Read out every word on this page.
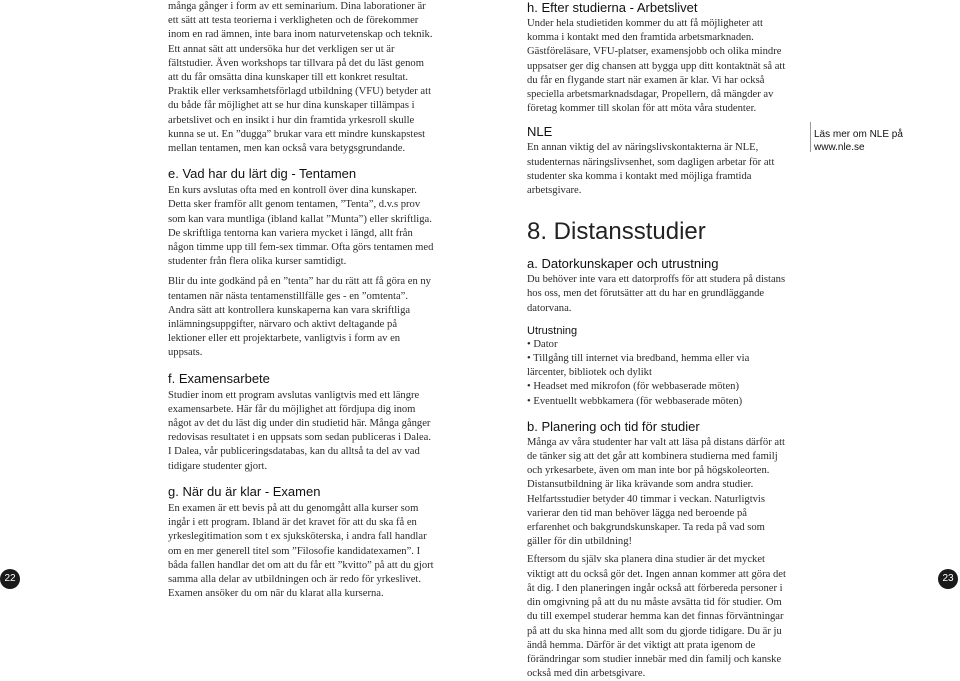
många gånger i form av ett seminarium. Dina laborationer är ett sätt att testa teorierna i verkligheten och de förekommer inom en rad ämnen, inte bara inom naturvetenskap och teknik. Ett annat sätt att undersöka hur det verkligen ser ut är fältstudier. Även workshops tar tillvara på det du läst genom att du får omsätta dina kunskaper till ett konkret resultat. Praktik eller verksamhetsförlagd utbildning (VFU) betyder att du både får möjlighet att se hur dina kunskaper tillämpas i arbetslivet och en insikt i hur din framtida yrkesroll skulle kunna se ut. En ”dugga” brukar vara ett mindre kunskapstest mellan tentamen, men kan också vara betygsgrundande.

e. Vad har du lärt dig - Tentamen

En kurs avslutas ofta med en kontroll över dina kunskaper. Detta sker framför allt genom tentamen, ”Tenta”, d.v.s prov som kan vara muntliga (ibland kallat ”Munta”) eller skriftliga. De skriftliga tentorna kan variera mycket i längd, allt från någon timme upp till fem-sex timmar. Ofta görs tentamen med studenter från flera olika kurser samtidigt.

Blir du inte godkänd på en ”tenta” har du rätt att få göra en ny tentamen när nästa tentamenstillfälle ges - en ”omtenta”. Andra sätt att kontrollera kunskaperna kan vara skriftliga inlämningsuppgifter, närvaro och aktivt deltagande på lektioner eller ett projektarbete, vanligtvis i form av en uppsats.

f. Examensarbete

Studier inom ett program avslutas vanligtvis med ett längre examensarbete. Här får du möjlighet att fördjupa dig inom något av det du läst dig under din studietid här. Många gånger redovisas resultatet i en uppsats som sedan publiceras i Dalea. I Dalea, vår publiceringsdatabas, kan du alltså ta del av vad tidigare studenter gjort.

g. När du är klar - Examen

En examen är ett bevis på att du genomgått alla kurser som ingår i ett program. Ibland är det kravet för att du ska få en yrkeslegitimation som t ex sjuksköterska, i andra fall handlar om en mer generell titel som ”Filosofie kandidatexamen”. I båda fallen handlar det om att du får ett ”kvitto” på att du gjort samma alla delar av utbildningen och är redo för yrkeslivet. Examen ansöker du om när du klarat alla kurserna.

22

h. Efter studierna - Arbetslivet

Under hela studietiden kommer du att få möjligheter att komma i kontakt med den framtida arbetsmarknaden. Gästföreläsare, VFU-platser, examensjobb och olika mindre uppsatser ger dig chansen att bygga upp ditt kontaktnät så att du får en flygande start när examen är klar. Vi har också speciella arbetsmarknadsdagar, Propellern, då mängder av företag kommer till skolan för att möta våra studenter.

NLE

En annan viktig del av näringslivskontakterna är NLE, studenternas näringslivsenhet, som dagligen arbetar för att studenter ska komma i kontakt med möjliga framtida arbetsgivare.

8. Distansstudier

a. Datorkunskaper och utrustning

Du behöver inte vara ett datorproffs för att studera på distans hos oss, men det förutsätter att du har en grundläggande datorvana.

Utrustning

• Dator
• Tillgång till internet via bredband, hemma eller via lärcenter, bibliotek och dylikt
• Headset med mikrofon (för webbaserade möten)
• Eventuellt webbkamera (för webbaserade möten)

b. Planering och tid för studier

Många av våra studenter har valt att läsa på distans därför att de tänker sig att det går att kombinera studierna med familj och yrkesarbete, även om man inte bor på högskoleorten. Distansutbildning är lika krävande som andra studier. Helfartsstudier betyder 40 timmar i veckan. Naturligtvis varierar den tid man behöver lägga ned beroende på erfarenhet och bakgrundskunskaper. Ta reda på vad som gäller för din utbildning!

Eftersom du själv ska planera dina studier är det mycket viktigt att du också gör det. Ingen annan kommer att göra det åt dig. I den planeringen ingår också att förbereda personer i din omgivning på att du nu måste avsätta tid för studier. Om du till exempel studerar hemma kan det finnas förväntningar på att du ska hinna med allt som du gjorde tidigare. Du är ju ändå hemma. Därför är det viktigt att prata igenom de förändringar som studier innebär med din familj och kanske också med din arbetsgivare.

Läs mer om NLE på

www.nle.se

23
